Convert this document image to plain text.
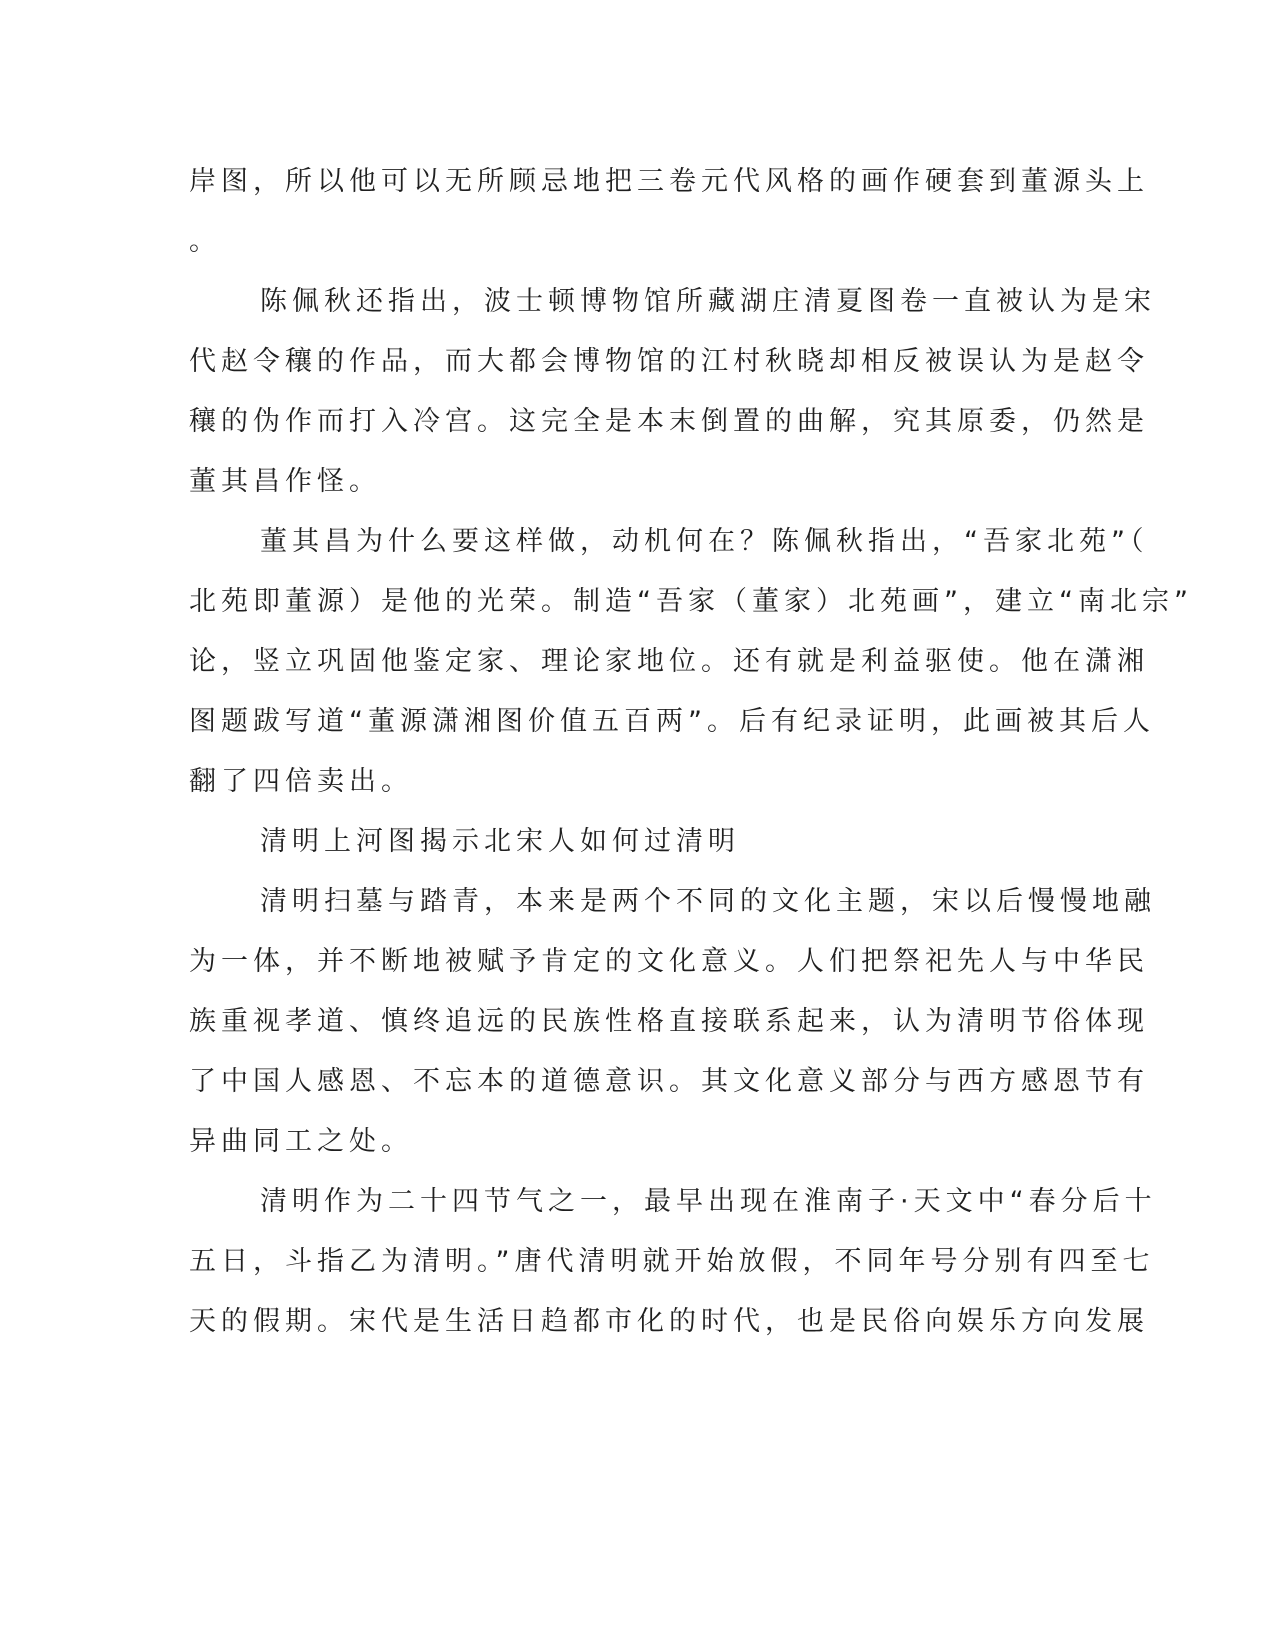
岸图，所以他可以无所顾忌地把三卷元代风格的画作硬套到董源头上

。

陈佩秋还指出，波士顿博物馆所藏湖庄清夏图卷一直被认为是宋

代赵令穰的作品，而大都会博物馆的江村秋晓却相反被误认为是赵令

穰的伪作而打入冷宫。这完全是本末倒置的曲解，究其原委，仍然是

董其昌作怪。

董其昌为什么要这样做，动机何在？陈佩秋指出，“吾家北苑”（

北苑即董源）是他的光荣。制造“吾家（董家）北苑画”，建立“南北宗”

论，竖立巩固他鉴定家、理论家地位。还有就是利益驱使。他在潇湘

图题跋写道“董源潇湘图价值五百两”。后有纪录证明，此画被其后人

翻了四倍卖出。

清明上河图揭示北宋人如何过清明

清明扫墓与踏青，本来是两个不同的文化主题，宋以后慢慢地融

为一体，并不断地被赋予肯定的文化意义。人们把祭祀先人与中华民

族重视孝道、慎终追远的民族性格直接联系起来，认为清明节俗体现

了中国人感恩、不忘本的道德意识。其文化意义部分与西方感恩节有

异曲同工之处。

清明作为二十四节气之一，最早出现在淮南子·天文中“春分后十

五日，斗指乙为清明。”唐代清明就开始放假，不同年号分别有四至七

天的假期。宋代是生活日趋都市化的时代，也是民俗向娱乐方向发展
